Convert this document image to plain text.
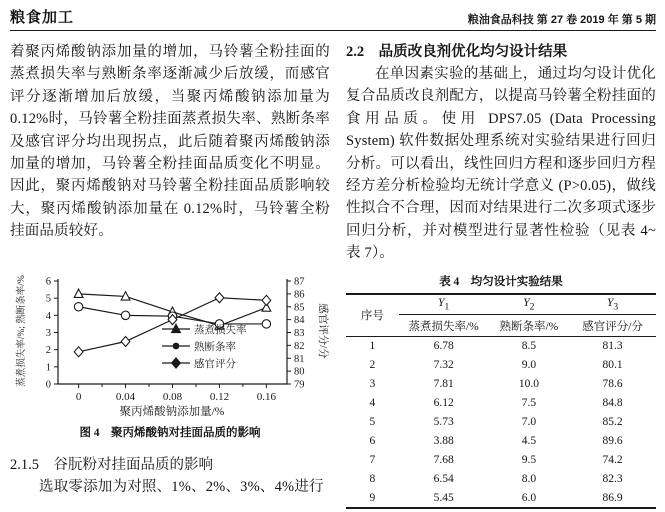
粮食加工	粮油食品科技 第 27 卷 2019 年 第 5 期

着聚丙烯酸钠添加量的增加，马铃薯全粉挂面的蒸煮损失率与熟断条率逐渐减少后放缓，而感官评分逐渐增加后放缓，当聚丙烯酸钠添加量为0.12%时，马铃薯全粉挂面蒸煮损失率、熟断条率及感官评分均出现拐点，此后随着聚丙烯酸钠添加量的增加，马铃薯全粉挂面品质变化不明显。因此，聚丙烯酸钠对马铃薯全粉挂面品质影响较大，聚丙烯酸钠添加量在 0.12%时，马铃薯全粉挂面品质较好。

0
1
2
3
4
5
6
79
80
81
82
83
84
85
86
87
0	0.04	0.08	0.12	0.16
聚丙烯酸钠添加量/%
蒸煮损失率/%; 熟断条率/%	感官评分/分
蒸煮损失率
熟断条率
感官评分
图 4　聚丙烯酸钠对挂面品质的影响
2.1.5 谷朊粉对挂面品质的影响

选取零添加为对照、1%、2%、3%、4%进行

2.2 品质改良剂优化均匀设计结果

在单因素实验的基础上，通过均匀设计优化复合品质改良剂配方，以提高马铃薯全粉挂面的食用品质。使用 DPS7.05 (Data Processing System) 软件数据处理系统对实验结果进行回归分析。可以看出，线性回归方程和逐步回归方程经方差分析检验均无统计学意义 (P>0.05)，做线性拟合不合理，因而对结果进行二次多项式逐步回归分析，并对模型进行显著性检验（见表 4~表 7）。

表 4　均匀设计实验结果
序号	$Y_1$	$Y_2$	$Y_3$
	蒸煮损失率/%	熟断条率/%	感官评分/分
1	6.78	8.5	81.3
2	7.32	9.0	80.1
3	7.81	10.0	78.6
4	6.12	7.5	84.8
5	5.73	7.0	85.2
6	3.88	4.5	89.6
7	7.68	9.5	74.2
8	6.54	8.0	82.3
9	5.45	6.0	86.9
